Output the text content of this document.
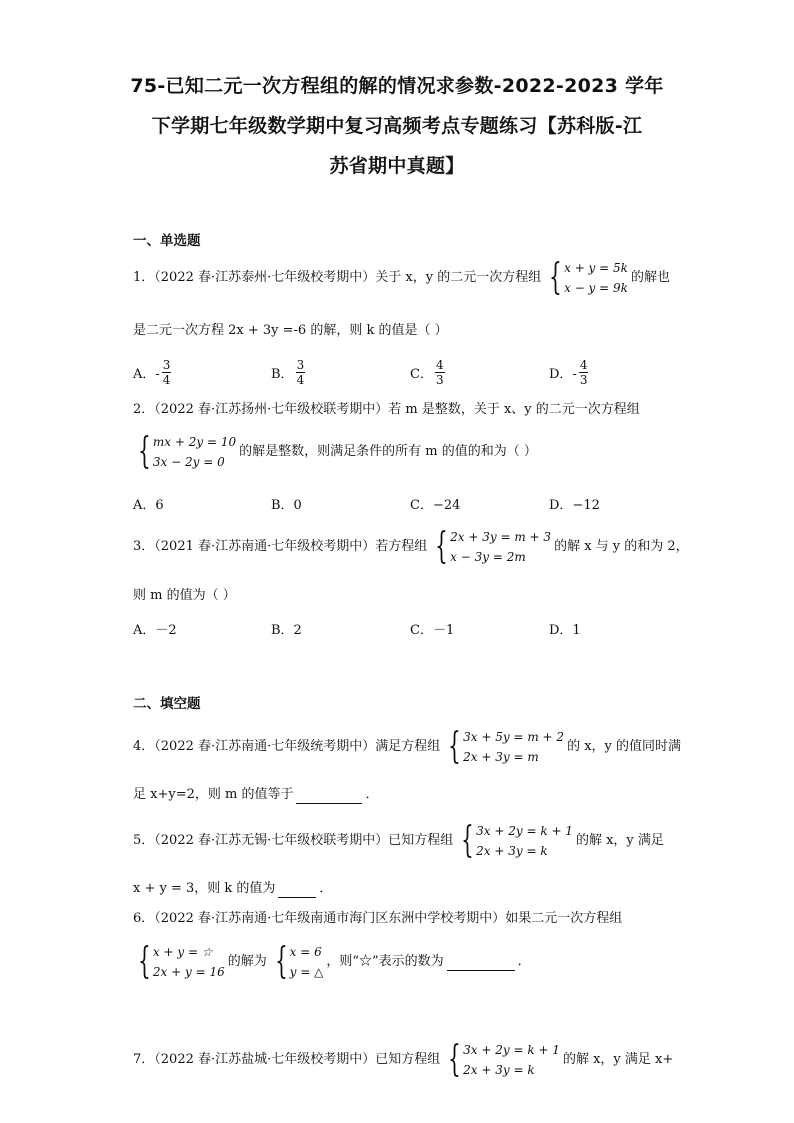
75-已知二元一次方程组的解的情况求参数-2022-2023 学年
下学期七年级数学期中复习高频考点专题练习【苏科版-江
苏省期中真题】
一、单选题
1．（2022 春·江苏泰州·七年级校考期中）关于 x，y 的二元一次方程组 { x + y = 5k
x − y = 9k
的解也
是二元一次方程 2x + 3y =-6 的解，则 k 的值是（ ）
A．- $\frac{3}{4}$	B． $\frac{3}{4}$	C． $\frac{4}{3}$	D．- $\frac{4}{3}$
2．（2022 春·江苏扬州·七年级校联考期中）若 m 是整数，关于 x、y 的二元一次方程组
{ mx + 2y = 10
3x − 2y = 0
的解是整数，则满足条件的所有 m 的值的和为（ ）
A．6	B．0	C．−24	D．−12
3．（2021 春·江苏南通·七年级校考期中）若方程组 { 2x + 3y = m + 3
x − 3y = 2m
的解 x 与 y 的和为 2，
则 m 的值为（ ）
A．－2	B．2	C．－1	D．1
二、填空题
4．（2022 春·江苏南通·七年级统考期中）满足方程组 { 3x + 5y = m + 2
2x + 3y = m
的 x，y 的值同时满
足 x+y=2，则 m 的值等于	．
5．（2022 春·江苏无锡·七年级校联考期中）已知方程组 { 3x + 2y = k + 1
2x + 3y = k
的解 x，y 满足
x + y = 3，则 k 的值为	．
6．（2022 春·江苏南通·七年级南通市海门区东洲中学校考期中）如果二元一次方程组
{ x + y = ☆
2x + y = 16
的解为 { x = 6
y = △
，则“☆”表示的数为	．
7．（2022 春·江苏盐城·七年级校考期中）已知方程组 { 3x + 2y = k + 1
2x + 3y = k
的解 x，y 满足 x+
